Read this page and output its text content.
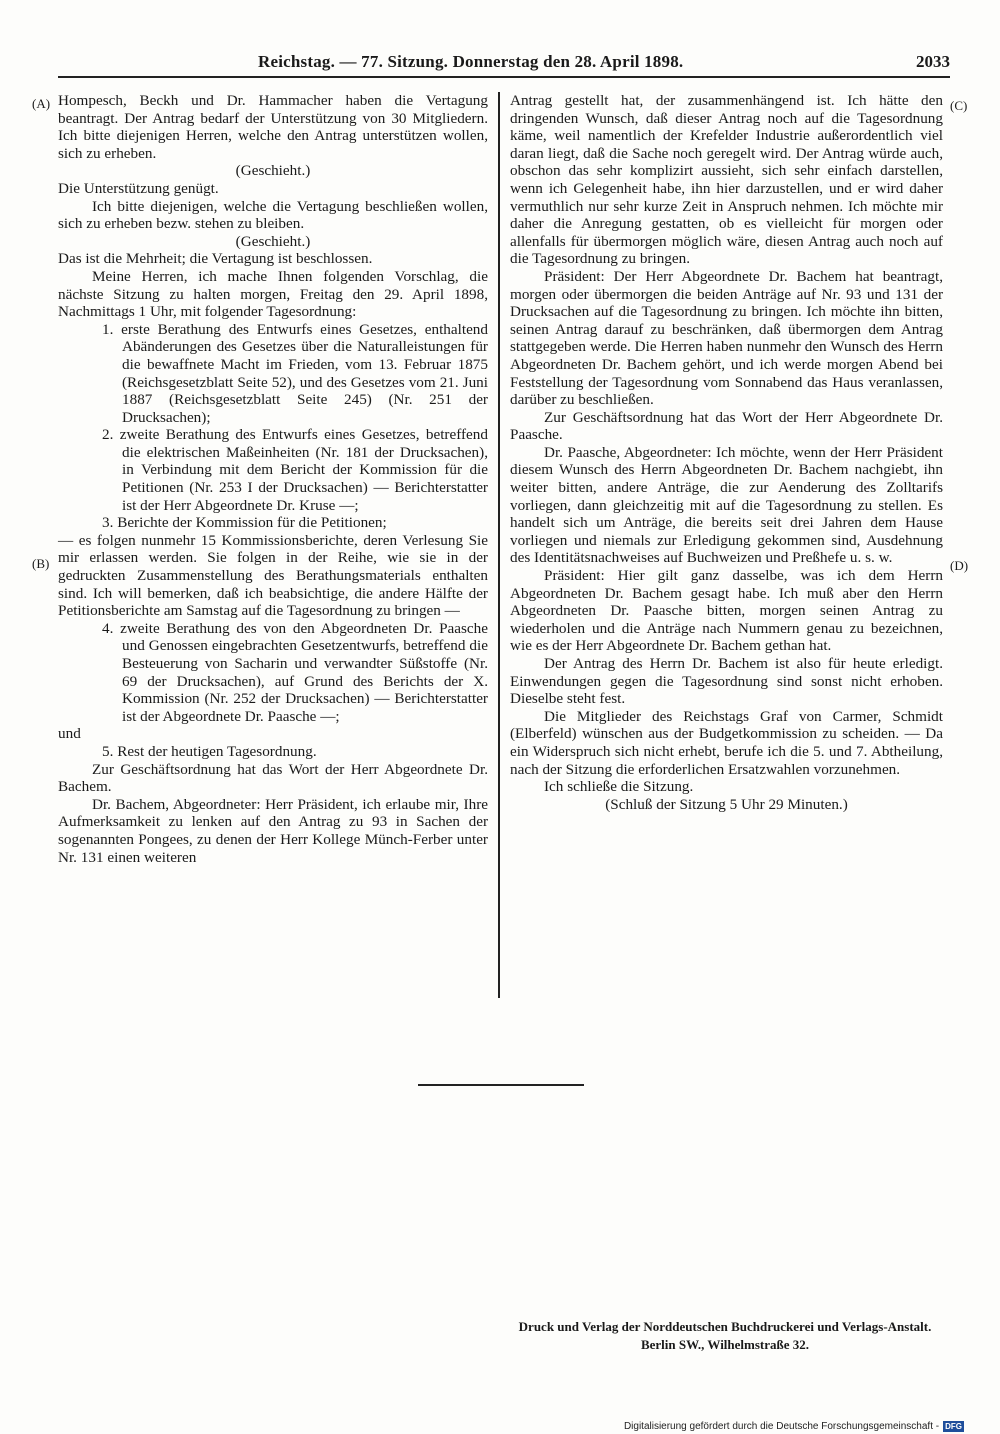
Reichstag. — 77. Sitzung. Donnerstag den 28. April 1898.	2033
(A)
(B)
(C)
(D)

Hompesch, Beckh und Dr. Hammacher haben die Vertagung beantragt. Der Antrag bedarf der Unterstützung von 30 Mitgliedern. Ich bitte diejenigen Herren, welche den Antrag unterstützen wollen, sich zu erheben.

(Geschieht.)

Die Unterstützung genügt.

Ich bitte diejenigen, welche die Vertagung beschließen wollen, sich zu erheben bezw. stehen zu bleiben.

(Geschieht.)

Das ist die Mehrheit; die Vertagung ist beschlossen.

Meine Herren, ich mache Ihnen folgenden Vorschlag, die nächste Sitzung zu halten morgen, Freitag den 29. April 1898, Nachmittags 1 Uhr, mit folgender Tagesordnung:

1. erste Berathung des Entwurfs eines Gesetzes, enthaltend Abänderungen des Gesetzes über die Naturalleistungen für die bewaffnete Macht im Frieden, vom 13. Februar 1875 (Reichsgesetzblatt Seite 52), und des Gesetzes vom 21. Juni 1887 (Reichsgesetzblatt Seite 245) (Nr. 251 der Drucksachen);

2. zweite Berathung des Entwurfs eines Gesetzes, betreffend die elektrischen Maßeinheiten (Nr. 181 der Drucksachen), in Verbindung mit dem Bericht der Kommission für die Petitionen (Nr. 253 I der Drucksachen) — Berichterstatter ist der Herr Abgeordnete Dr. Kruse —;

3. Berichte der Kommission für die Petitionen;

— es folgen nunmehr 15 Kommissionsberichte, deren Verlesung Sie mir erlassen werden. Sie folgen in der Reihe, wie sie in der gedruckten Zusammenstellung des Berathungsmaterials enthalten sind. Ich will bemerken, daß ich beabsichtige, die andere Hälfte der Petitionsberichte am Samstag auf die Tagesordnung zu bringen —

4. zweite Berathung des von den Abgeordneten Dr. Paasche und Genossen eingebrachten Gesetzentwurfs, betreffend die Besteuerung von Sacharin und verwandter Süßstoffe (Nr. 69 der Drucksachen), auf Grund des Berichts der X. Kommission (Nr. 252 der Drucksachen) — Berichterstatter ist der Abgeordnete Dr. Paasche —;

und

5. Rest der heutigen Tagesordnung.

Zur Geschäftsordnung hat das Wort der Herr Abgeordnete Dr. Bachem.

Dr. Bachem, Abgeordneter: Herr Präsident, ich erlaube mir, Ihre Aufmerksamkeit zu lenken auf den Antrag zu 93 in Sachen der sogenannten Pongees, zu denen der Herr Kollege Münch-Ferber unter Nr. 131 einen weiteren

Antrag gestellt hat, der zusammenhängend ist. Ich hätte den dringenden Wunsch, daß dieser Antrag noch auf die Tagesordnung käme, weil namentlich der Krefelder Industrie außerordentlich viel daran liegt, daß die Sache noch geregelt wird. Der Antrag würde auch, obschon das sehr komplizirt aussieht, sich sehr einfach darstellen, wenn ich Gelegenheit habe, ihn hier darzustellen, und er wird daher vermuthlich nur sehr kurze Zeit in Anspruch nehmen. Ich möchte mir daher die Anregung gestatten, ob es vielleicht für morgen oder allenfalls für übermorgen möglich wäre, diesen Antrag auch noch auf die Tagesordnung zu bringen.

Präsident: Der Herr Abgeordnete Dr. Bachem hat beantragt, morgen oder übermorgen die beiden Anträge auf Nr. 93 und 131 der Drucksachen auf die Tagesordnung zu bringen. Ich möchte ihn bitten, seinen Antrag darauf zu beschränken, daß übermorgen dem Antrag stattgegeben werde. Die Herren haben nunmehr den Wunsch des Herrn Abgeordneten Dr. Bachem gehört, und ich werde morgen Abend bei Feststellung der Tagesordnung vom Sonnabend das Haus veranlassen, darüber zu beschließen.

Zur Geschäftsordnung hat das Wort der Herr Abgeordnete Dr. Paasche.

Dr. Paasche, Abgeordneter: Ich möchte, wenn der Herr Präsident diesem Wunsch des Herrn Abgeordneten Dr. Bachem nachgiebt, ihn weiter bitten, andere Anträge, die zur Aenderung des Zolltarifs vorliegen, dann gleichzeitig mit auf die Tagesordnung zu stellen. Es handelt sich um Anträge, die bereits seit drei Jahren dem Hause vorliegen und niemals zur Erledigung gekommen sind, Ausdehnung des Identitätsnachweises auf Buchweizen und Preßhefe u. s. w.

Präsident: Hier gilt ganz dasselbe, was ich dem Herrn Abgeordneten Dr. Bachem gesagt habe. Ich muß aber den Herrn Abgeordneten Dr. Paasche bitten, morgen seinen Antrag zu wiederholen und die Anträge nach Nummern genau zu bezeichnen, wie es der Herr Abgeordnete Dr. Bachem gethan hat.

Der Antrag des Herrn Dr. Bachem ist also für heute erledigt. Einwendungen gegen die Tagesordnung sind sonst nicht erhoben. Dieselbe steht fest.

Die Mitglieder des Reichstags Graf von Carmer, Schmidt (Elberfeld) wünschen aus der Budgetkommission zu scheiden. — Da ein Widerspruch sich nicht erhebt, berufe ich die 5. und 7. Abtheilung, nach der Sitzung die erforderlichen Ersatzwahlen vorzunehmen.

Ich schließe die Sitzung.

(Schluß der Sitzung 5 Uhr 29 Minuten.)

Druck und Verlag der Norddeutschen Buchdruckerei und Verlags-Anstalt.
Berlin SW., Wilhelmstraße 32.
Digitalisierung gefördert durch die Deutsche Forschungsgemeinschaft - DFG
